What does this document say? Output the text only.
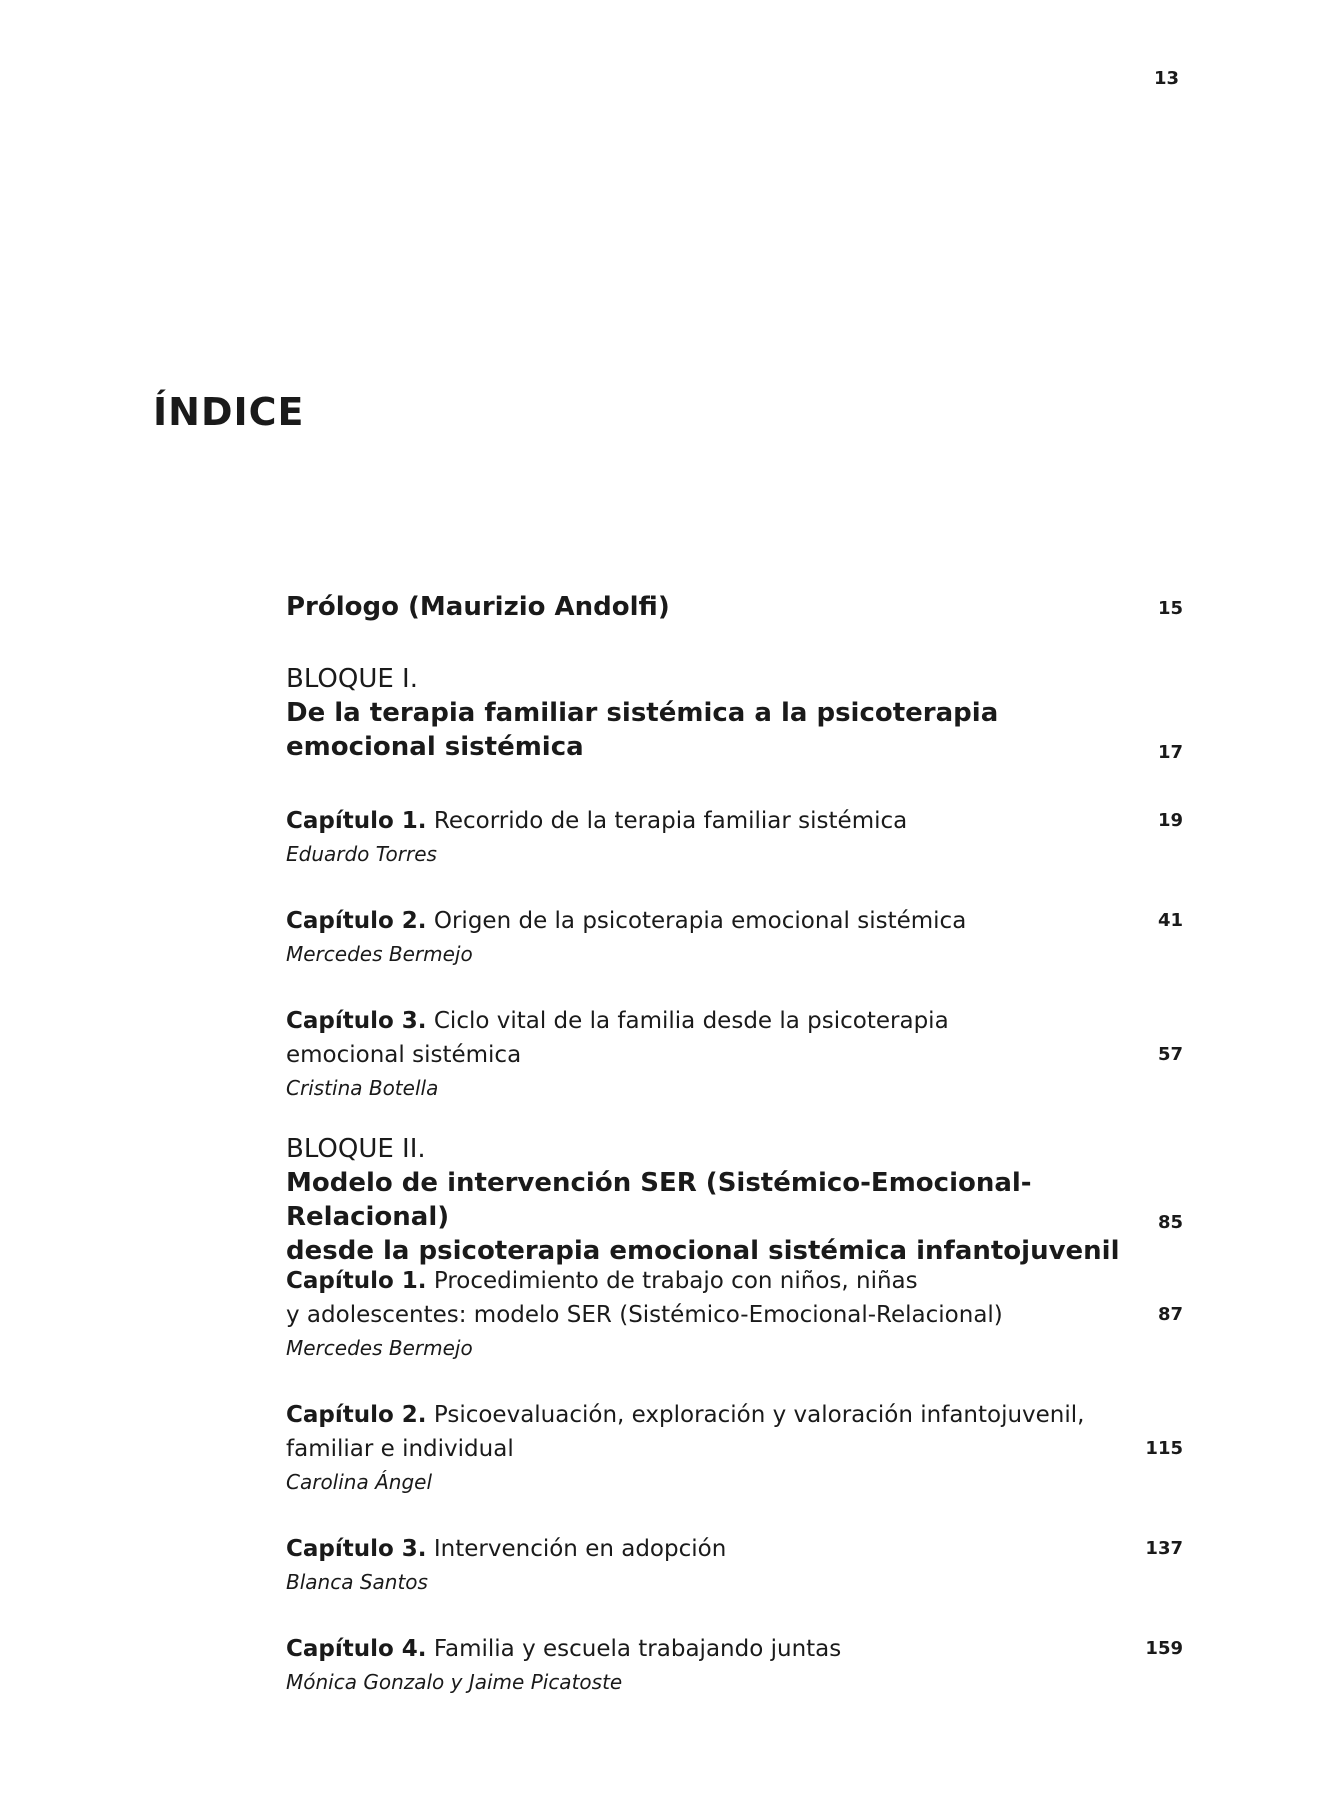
13
ÍNDICE
Prólogo (Maurizio Andolfi)	15
BLOQUE I.
De la terapia familiar sistémica a la psicoterapia
emocional sistémica	17
Capítulo 1. Recorrido de la terapia familiar sistémica
Eduardo Torres
19
Capítulo 2. Origen de la psicoterapia emocional sistémica
Mercedes Bermejo
41
Capítulo 3. Ciclo vital de la familia desde la psicoterapia
emocional sistémica
Cristina Botella
57
BLOQUE II.
Modelo de intervención SER (Sistémico-Emocional-Relacional)
desde la psicoterapia emocional sistémica infantojuvenil
85
Capítulo 1. Procedimiento de trabajo con niños, niñas
y adolescentes: modelo SER (Sistémico-Emocional-Relacional)
Mercedes Bermejo
87
Capítulo 2. Psicoevaluación, exploración y valoración infantojuvenil,
familiar e individual
Carolina Ángel
115
Capítulo 3. Intervención en adopción
Blanca Santos
137
Capítulo 4. Familia y escuela trabajando juntas
Mónica Gonzalo y Jaime Picatoste
159
